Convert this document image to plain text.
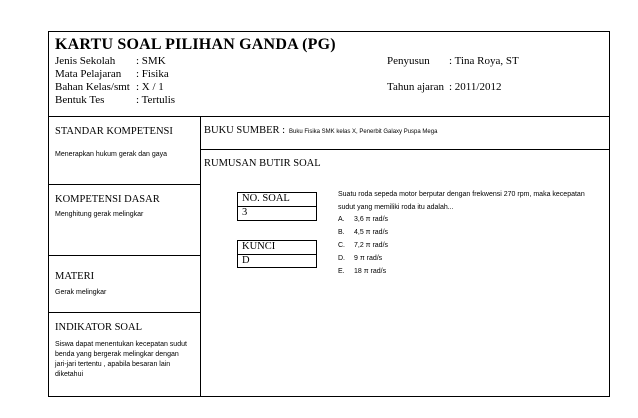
KARTU SOAL PILIHAN GANDA (PG)
Jenis Sekolah : SMK
Mata Pelajaran : Fisika
Bahan Kelas/smt : X / 1
Bentuk Tes	: Tertulis
Penyusun : Tina Roya, ST
Tahun ajaran : 2011/2012
STANDAR KOMPETENSI
Menerapkan hukum gerak dan gaya
BUKU SUMBER : Buku Fisika SMK kelas X, Penerbit Galaxy Puspa Mega
RUMUSAN BUTIR SOAL
KOMPETENSI DASAR
Menghitung gerak melingkar
MATERI
Gerak melingkar
INDIKATOR SOAL
Siswa dapat menentukan kecepatan sudut
benda yang bergerak melingkar dengan
jari-jari tertentu , apabila besaran lain
diketahui
NO. SOAL
3
KUNCI
D
Suatu roda sepeda motor berputar dengan frekwensi 270 rpm, maka kecepatan
sudut yang memiliki roda itu adalah...
A. 3,6 π rad/s
B. 4,5 π rad/s
C. 7,2 π rad/s
D. 9 π rad/s
E. 18 π rad/s
